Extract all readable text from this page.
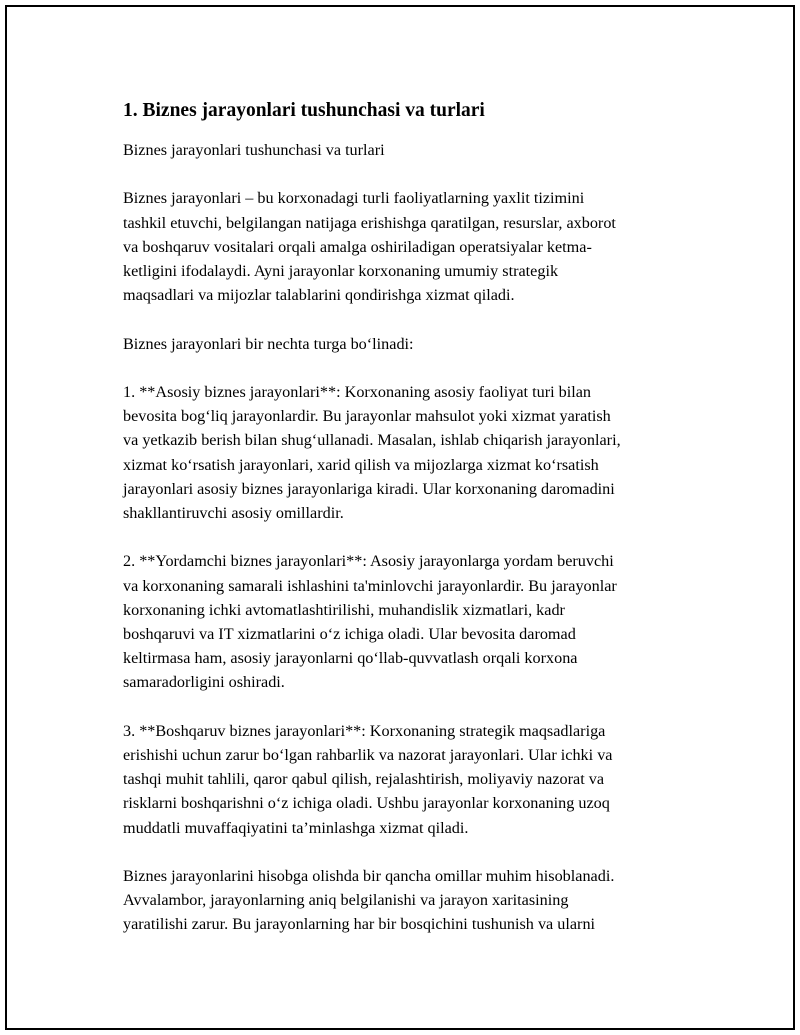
1. Biznes jarayonlari tushunchasi va turlari

Biznes jarayonlari tushunchasi va turlari

Biznes jarayonlari – bu korxonadagi turli faoliyatlarning yaxlit tizimini
tashkil etuvchi, belgilangan natijaga erishishga qaratilgan, resurslar, axborot
va boshqaruv vositalari orqali amalga oshiriladigan operatsiyalar ketma-
ketligini ifodalaydi. Ayni jarayonlar korxonaning umumiy strategik
maqsadlari va mijozlar talablarini qondirishga xizmat qiladi.

Biznes jarayonlari bir nechta turga bo‘linadi:

1. **Asosiy biznes jarayonlari**: Korxonaning asosiy faoliyat turi bilan
bevosita bog‘liq jarayonlardir. Bu jarayonlar mahsulot yoki xizmat yaratish
va yetkazib berish bilan shug‘ullanadi. Masalan, ishlab chiqarish jarayonlari,
xizmat ko‘rsatish jarayonlari, xarid qilish va mijozlarga xizmat ko‘rsatish
jarayonlari asosiy biznes jarayonlariga kiradi. Ular korxonaning daromadini
shakllantiruvchi asosiy omillardir.

2. **Yordamchi biznes jarayonlari**: Asosiy jarayonlarga yordam beruvchi
va korxonaning samarali ishlashini ta'minlovchi jarayonlardir. Bu jarayonlar
korxonaning ichki avtomatlashtirilishi, muhandislik xizmatlari, kadr
boshqaruvi va IT xizmatlarini o‘z ichiga oladi. Ular bevosita daromad
keltirmasa ham, asosiy jarayonlarni qo‘llab-quvvatlash orqali korxona
samaradorligini oshiradi.

3. **Boshqaruv biznes jarayonlari**: Korxonaning strategik maqsadlariga
erishishi uchun zarur bo‘lgan rahbarlik va nazorat jarayonlari. Ular ichki va
tashqi muhit tahlili, qaror qabul qilish, rejalashtirish, moliyaviy nazorat va
risklarni boshqarishni o‘z ichiga oladi. Ushbu jarayonlar korxonaning uzoq
muddatli muvaffaqiyatini ta’minlashga xizmat qiladi.

Biznes jarayonlarini hisobga olishda bir qancha omillar muhim hisoblanadi.
Avvalambor, jarayonlarning aniq belgilanishi va jarayon xaritasining
yaratilishi zarur. Bu jarayonlarning har bir bosqichini tushunish va ularni
